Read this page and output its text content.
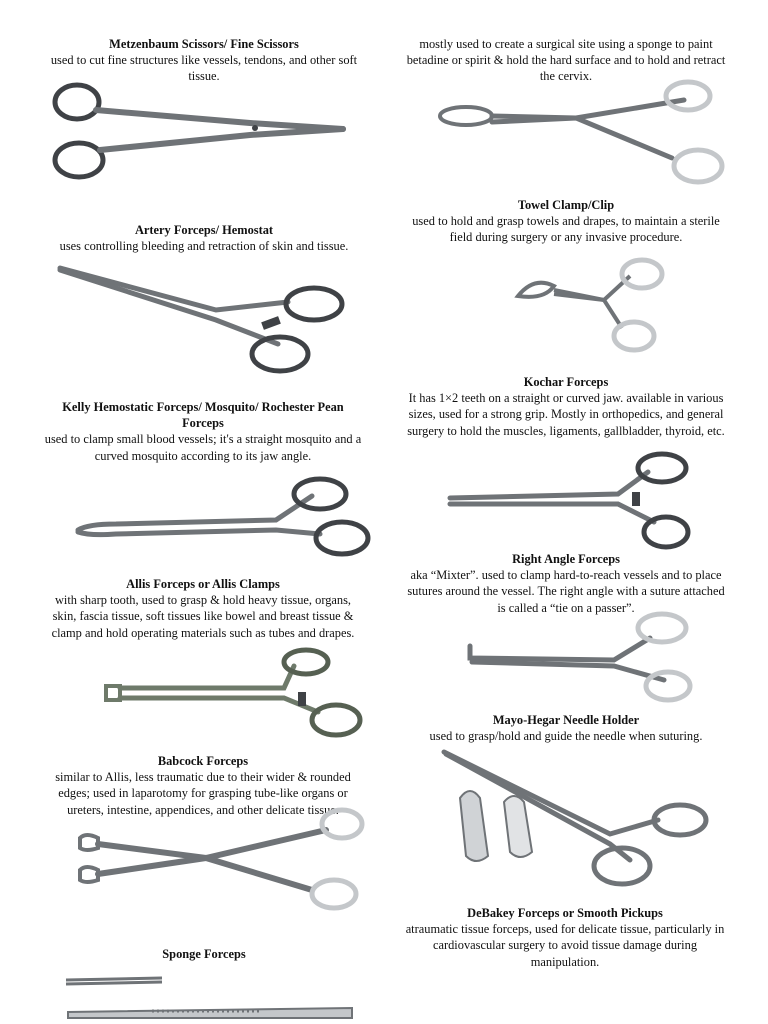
Metzenbaum Scissors/ Fine Scissors
used to cut fine structures like vessels, tendons, and other soft tissue.
Artery Forceps/ Hemostat
uses controlling bleeding and retraction of skin and tissue.
Kelly Hemostatic Forceps/ Mosquito/ Rochester Pean Forceps
used to clamp small blood vessels; it's a straight mosquito and a curved mosquito according to its jaw angle.
Allis Forceps or Allis Clamps
with sharp tooth, used to grasp & hold heavy tissue, organs, skin, fascia tissue, soft tissues like bowel and breast tissue & clamp and hold operating materials such as tubes and drapes.
Babcock Forceps
similar to Allis, less traumatic due to their wider & rounded edges; used in laparotomy for grasping tube-like organs or ureters, intestine, appendices, and other delicate tissue.
Sponge Forceps
mostly used to create a surgical site using a sponge to paint betadine or spirit & hold the hard surface and to hold and retract the cervix.
Towel Clamp/Clip
used to hold and grasp towels and drapes, to maintain a sterile field during surgery or any invasive procedure.
Kochar Forceps
It has 1×2 teeth on a straight or curved jaw. available in various sizes, used for a strong grip. Mostly in orthopedics, and general surgery to hold the muscles, ligaments, gallbladder, thyroid, etc.
Right Angle Forceps
aka “Mixter”. used to clamp hard-to-reach vessels and to place sutures around the vessel. The right angle with a suture attached is called a “tie on a passer”.
Mayo-Hegar Needle Holder
used to grasp/hold and guide the needle when suturing.
DeBakey Forceps or Smooth Pickups
atraumatic tissue forceps, used for delicate tissue, particularly in cardiovascular surgery to avoid tissue damage during manipulation.
